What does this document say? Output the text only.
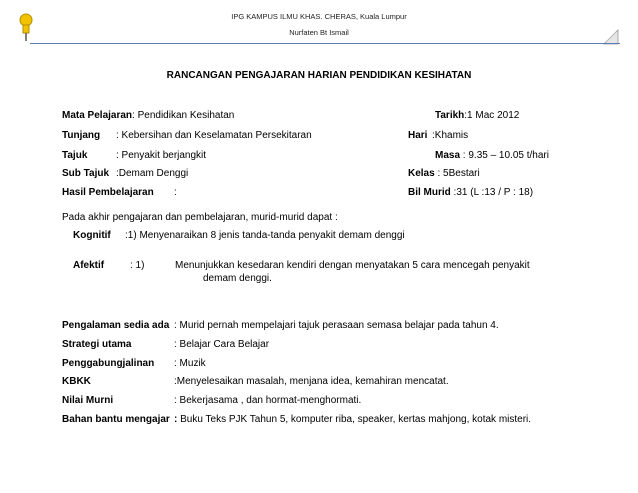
IPG KAMPUS ILMU KHAS. CHERAS, Kuala Lumpur
Nurfaten Bt Ismail
RANCANGAN PENGAJARAN HARIAN PENDIDIKAN KESIHATAN
Mata Pelajaran: Pendidikan Kesihatan	Tarikh:1 Mac 2012
Tunjang : Kebersihan dan Keselamatan Persekitaran	Hari :Khamis
Tajuk	: Penyakit berjangkit	Masa : 9.35 – 10.05 t/hari
Sub Tajuk :Demam Denggi	Kelas : 5Bestari
Hasil Pembelajaran :	Bil Murid :31 (L :13 / P : 18)
Pada akhir pengajaran dan pembelajaran, murid-murid dapat :
Kognitif :1) Menyenaraikan 8 jenis tanda-tanda penyakit demam denggi
Afektif	: 1)	Menunjukkan kesedaran kendiri dengan menyatakan 5 cara mencegah penyakit
demam denggi.
Pengalaman sedia ada : Murid pernah mempelajari tajuk perasaan semasa belajar pada tahun 4.
Strategi utama	: Belajar Cara Belajar
Penggabungjalinan : Muzik
KBKK	:Menyelesaikan masalah, menjana idea, kemahiran mencatat.
Nilai Murni	: Bekerjasama , dan hormat-menghormati.
Bahan bantu mengajar : Buku Teks PJK Tahun 5, komputer riba, speaker, kertas mahjong, kotak misteri.
